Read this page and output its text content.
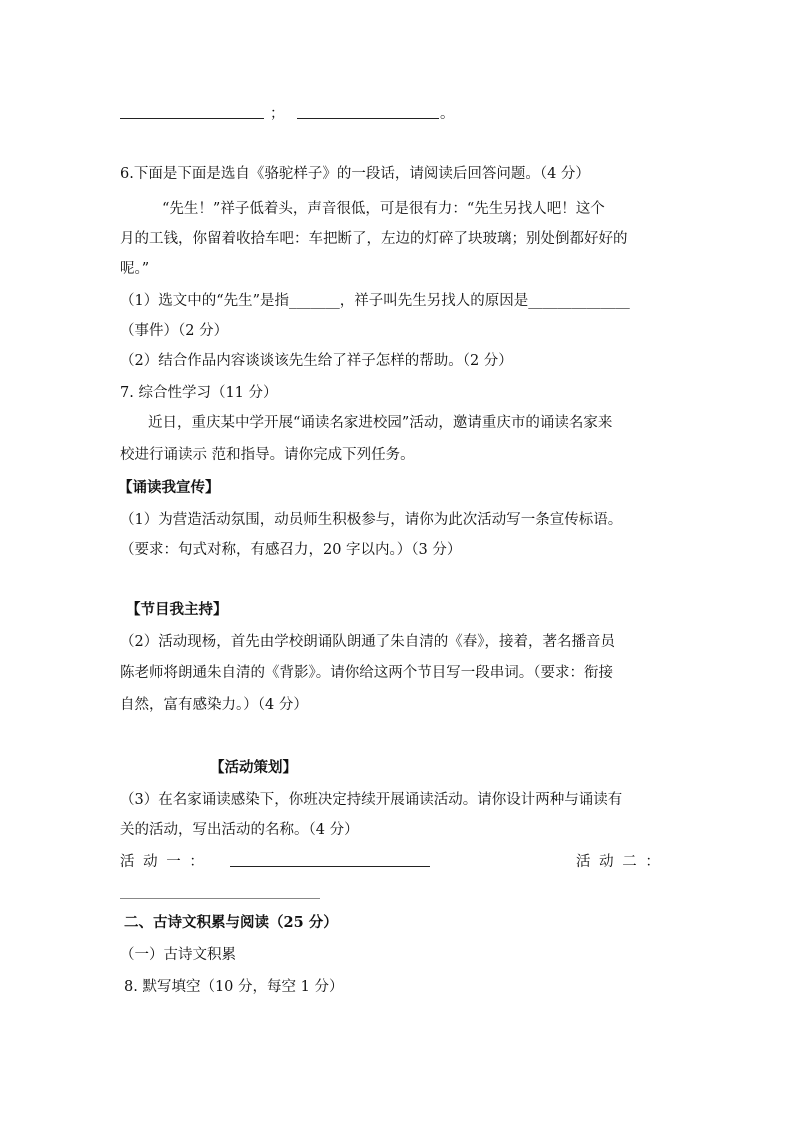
；	。
6.下面是下面是选自《骆驼样子》的一段话，请阅读后回答问题。（4 分）
“先生！”祥子低着头，声音很低，可是很有力：“先生另找人吧！这个
月的工钱，你留着收拾车吧：车把断了，左边的灯碎了块玻璃；别处倒都好好的
呢。”
（1）选文中的“先生”是指_______，祥子叫先生另找人的原因是______________
（事件）（2 分）
（2）结合作品内容谈谈该先生给了祥子怎样的帮助。（2 分）
7. 综合性学习（11 分）
近日，重庆某中学开展“诵读名家进校园”活动，邀请重庆市的诵读名家来
校进行诵读示 范和指导。请你完成下列任务。
【诵读我宣传】
（1）为营造活动氛围，动员师生积极参与，请你为此次活动写一条宣传标语。
（要求：句式对称，有感召力，20 字以内。）（3 分）
【节目我主持】
（2）活动现杨，首先由学校朗诵队朗通了朱自清的《春》，接着，著名播音员
陈老师将朗通朱自清的《背影》。请你给这两个节目写一段串词。（要求：衔接
自然，富有感染力。）（4 分）
【活动策划】
（3）在名家诵读感染下，你班决定持续开展诵读活动。请你设计两种与诵读有
关的活动，写出活动的名称。（4 分）
活 动 一 ：	活 动 二 ：
二、古诗文积累与阅读（25 分）
（一）古诗文积累
8. 默写填空（10 分，每空 1 分）
